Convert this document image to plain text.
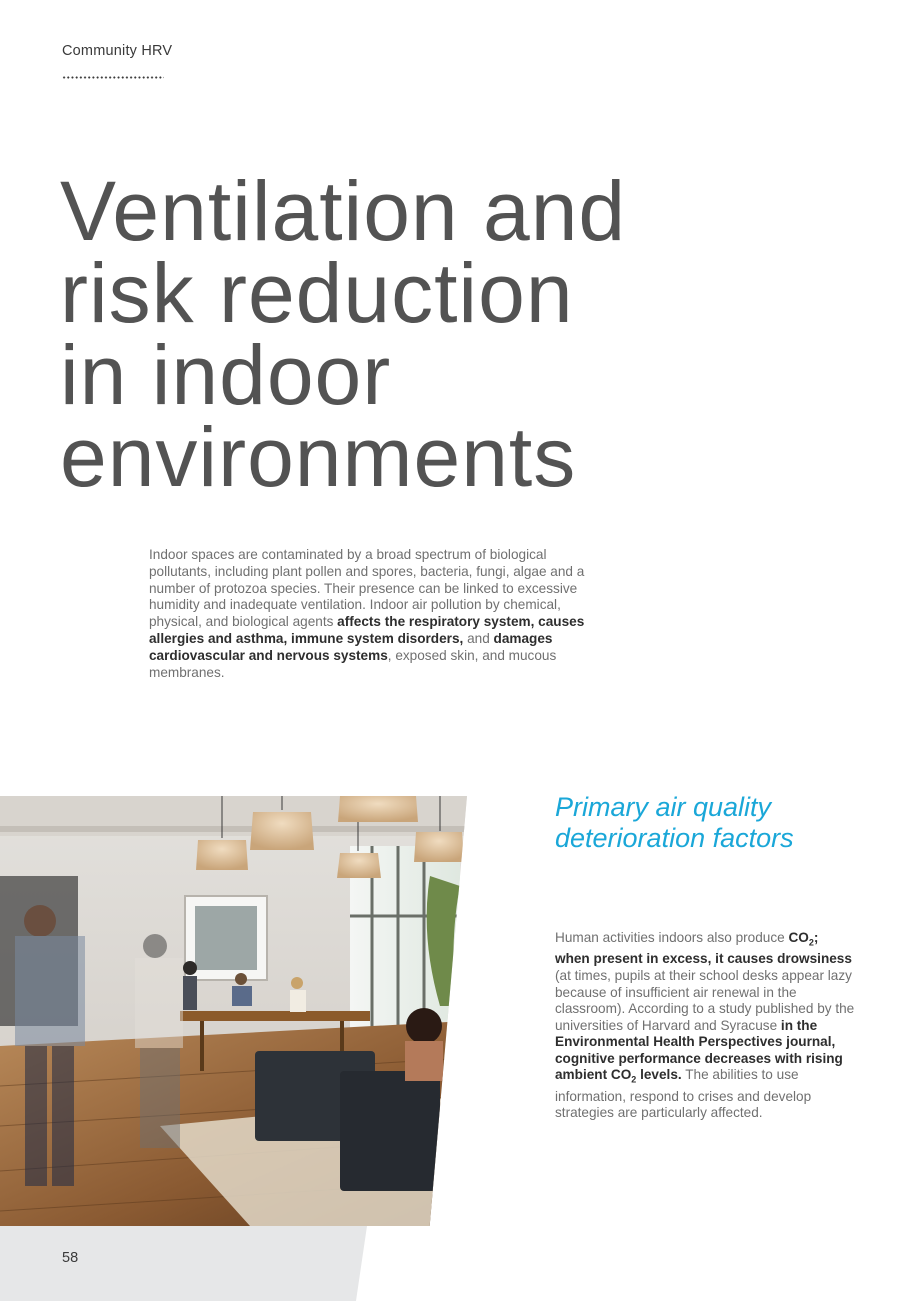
Community HRV
Ventilation and
risk reduction
in indoor
environments

Indoor spaces are contaminated by a broad spectrum of biological pollutants, including plant pollen and spores, bacteria, fungi, algae and a number of protozoa species. Their presence can be linked to excessive humidity and inadequate ventilation. Indoor air pollution by chemical, physical, and biological agents affects the respiratory system, causes allergies and asthma, immune system disorders, and damages cardiovascular and nervous systems, exposed skin, and mucous membranes.

Primary air quality
deterioration factors

Human activities indoors also produce $CO_2$; when present in excess, it causes drowsiness (at times, pupils at their school desks appear lazy because of insufficient air renewal in the classroom). According to a study published by the universities of Harvard and Syracuse in the Environmental Health Perspectives journal, cognitive performance decreases with rising ambient $CO_2$ levels. The abilities to use information, respond to crises and develop strategies are particularly affected.

58
